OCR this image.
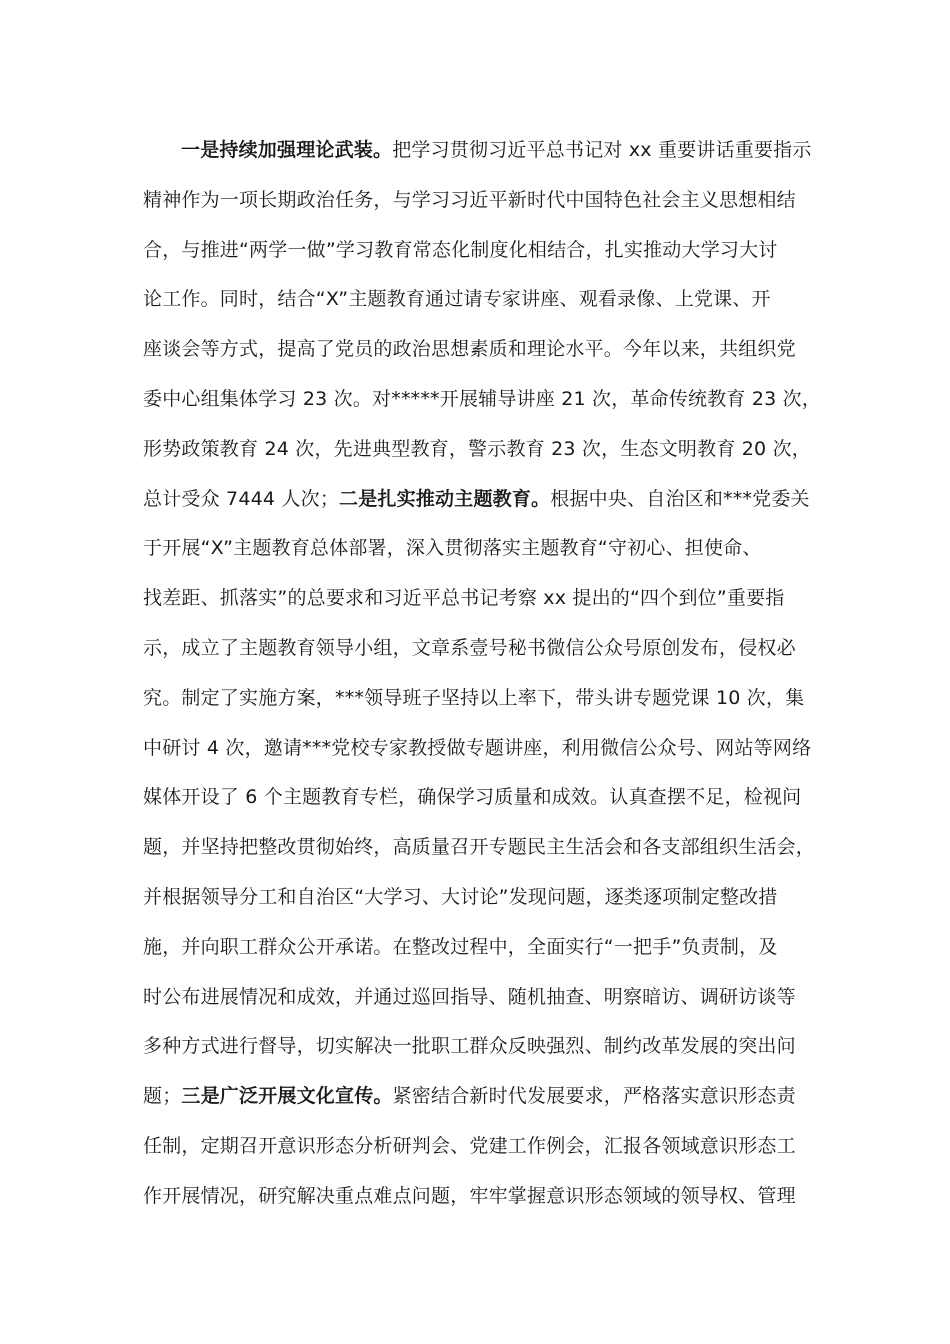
一是持续加强理论武装。把学习贯彻习近平总书记对 xx 重要讲话重要指示
精神作为一项长期政治任务，与学习习近平新时代中国特色社会主义思想相结
合，与推进“两学一做”学习教育常态化制度化相结合，扎实推动大学习大讨
论工作。同时，结合“X”主题教育通过请专家讲座、观看录像、上党课、开
座谈会等方式，提高了党员的政治思想素质和理论水平。今年以来，共组织党
委中心组集体学习 23 次。对*****开展辅导讲座 21 次，革命传统教育 23 次，
形势政策教育 24 次，先进典型教育，警示教育 23 次，生态文明教育 20 次，
总计受众 7444 人次；二是扎实推动主题教育。根据中央、自治区和***党委关
于开展“X”主题教育总体部署，深入贯彻落实主题教育“守初心、担使命、
找差距、抓落实”的总要求和习近平总书记考察 xx 提出的“四个到位”重要指
示，成立了主题教育领导小组，文章系壹号秘书微信公众号原创发布，侵权必
究。制定了实施方案，***领导班子坚持以上率下，带头讲专题党课 10 次，集
中研讨 4 次，邀请***党校专家教授做专题讲座，利用微信公众号、网站等网络
媒体开设了 6 个主题教育专栏，确保学习质量和成效。认真查摆不足，检视问
题，并坚持把整改贯彻始终，高质量召开专题民主生活会和各支部组织生活会，
并根据领导分工和自治区“大学习、大讨论”发现问题，逐类逐项制定整改措
施，并向职工群众公开承诺。在整改过程中，全面实行“一把手”负责制，及
时公布进展情况和成效，并通过巡回指导、随机抽查、明察暗访、调研访谈等
多种方式进行督导，切实解决一批职工群众反映强烈、制约改革发展的突出问
题；三是广泛开展文化宣传。紧密结合新时代发展要求，严格落实意识形态责
任制，定期召开意识形态分析研判会、党建工作例会，汇报各领域意识形态工
作开展情况，研究解决重点难点问题，牢牢掌握意识形态领域的领导权、管理
